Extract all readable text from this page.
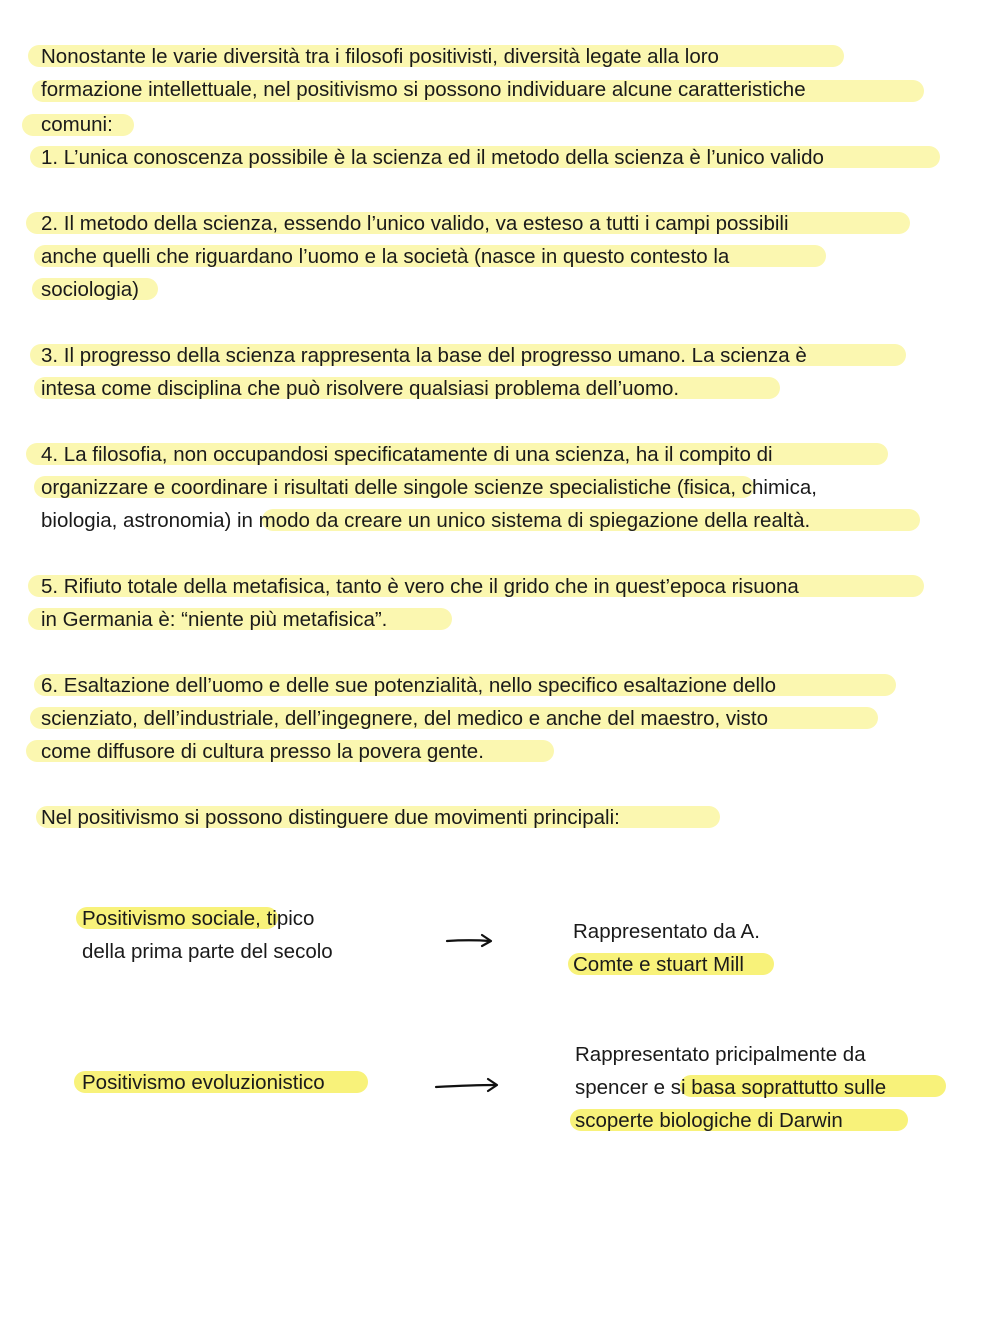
Nonostante le varie diversità tra i filosofi positivisti, diversità legate alla loro
formazione intellettuale, nel positivismo si possono individuare alcune caratteristiche
comuni:
1. L’unica conoscenza possibile è la scienza ed il metodo della scienza è l’unico valido
2. Il metodo della scienza, essendo l’unico valido, va esteso a tutti i campi possibili
anche quelli che riguardano l’uomo e la società (nasce in questo contesto la
sociologia)
3. Il progresso della scienza rappresenta la base del progresso umano. La scienza è
intesa come disciplina che può risolvere qualsiasi problema dell’uomo.
4. La filosofia, non occupandosi specificatamente di una scienza, ha il compito di
organizzare e coordinare i risultati delle singole scienze specialistiche (fisica, chimica,
biologia, astronomia) in modo da creare un unico sistema di spiegazione della realtà.
5. Rifiuto totale della metafisica, tanto è vero che il grido che in quest’epoca risuona
in Germania è: “niente più metafisica”.
6. Esaltazione dell’uomo e delle sue potenzialità, nello specifico esaltazione dello
scienziato, dell’industriale, dell’ingegnere, del medico e anche del maestro, visto
come diffusore di cultura presso la povera gente.
Nel positivismo si possono distinguere due movimenti principali:
Positivismo sociale, tipico
della prima parte del secolo
Rappresentato da A.
Comte e stuart Mill
Positivismo evoluzionistico
Rappresentato pricipalmente da
spencer e si basa soprattutto sulle
scoperte biologiche di Darwin
